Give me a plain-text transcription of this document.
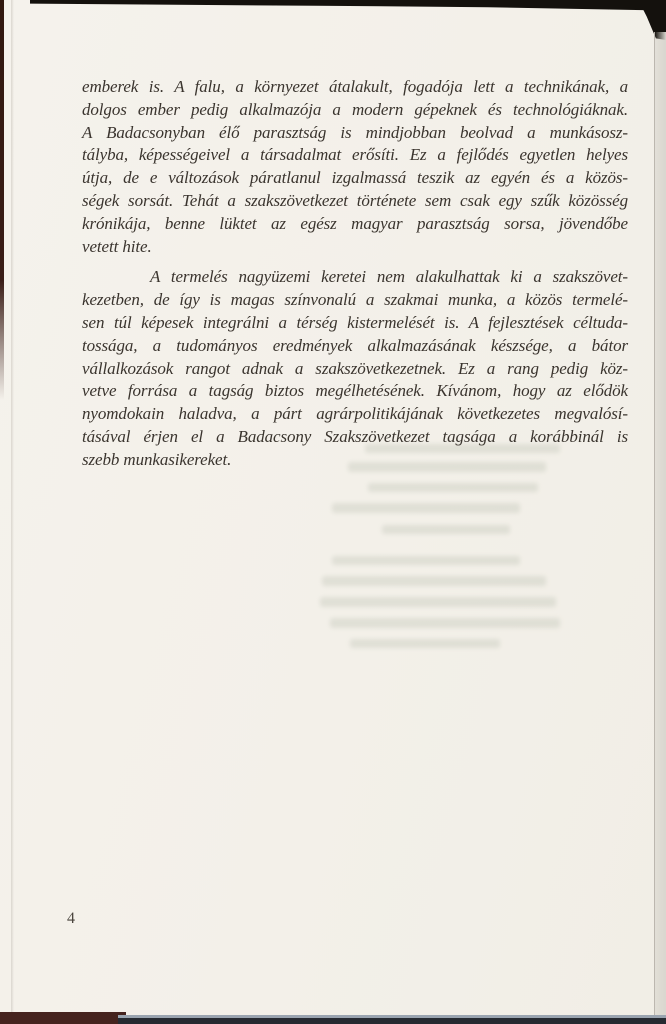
emberek is. A falu, a környezet átalakult, fogadója lett a technikának, a
dolgos ember pedig alkalmazója a modern gépeknek és technológiáknak.
A Badacsonyban élő parasztság is mindjobban beolvad a munkásosz-
tályba, képességeivel a társadalmat erősíti. Ez a fejlődés egyetlen helyes
útja, de e változások páratlanul izgalmassá teszik az egyén és a közös-
ségek sorsát. Tehát a szakszövetkezet története sem csak egy szűk közösség
krónikája, benne lüktet az egész magyar parasztság sorsa, jövendőbe
vetett hite.
A termelés nagyüzemi keretei nem alakulhattak ki a szakszövet-
kezetben, de így is magas színvonalú a szakmai munka, a közös termelé-
sen túl képesek integrálni a térség kistermelését is. A fejlesztések céltuda-
tossága, a tudományos eredmények alkalmazásának készsége, a bátor
vállalkozások rangot adnak a szakszövetkezetnek. Ez a rang pedig köz-
vetve forrása a tagság biztos megélhetésének. Kívánom, hogy az elődök
nyomdokain haladva, a párt agrárpolitikájának következetes megvalósí-
tásával érjen el a Badacsony Szakszövetkezet tagsága a korábbinál is
szebb munkasikereket.
4
